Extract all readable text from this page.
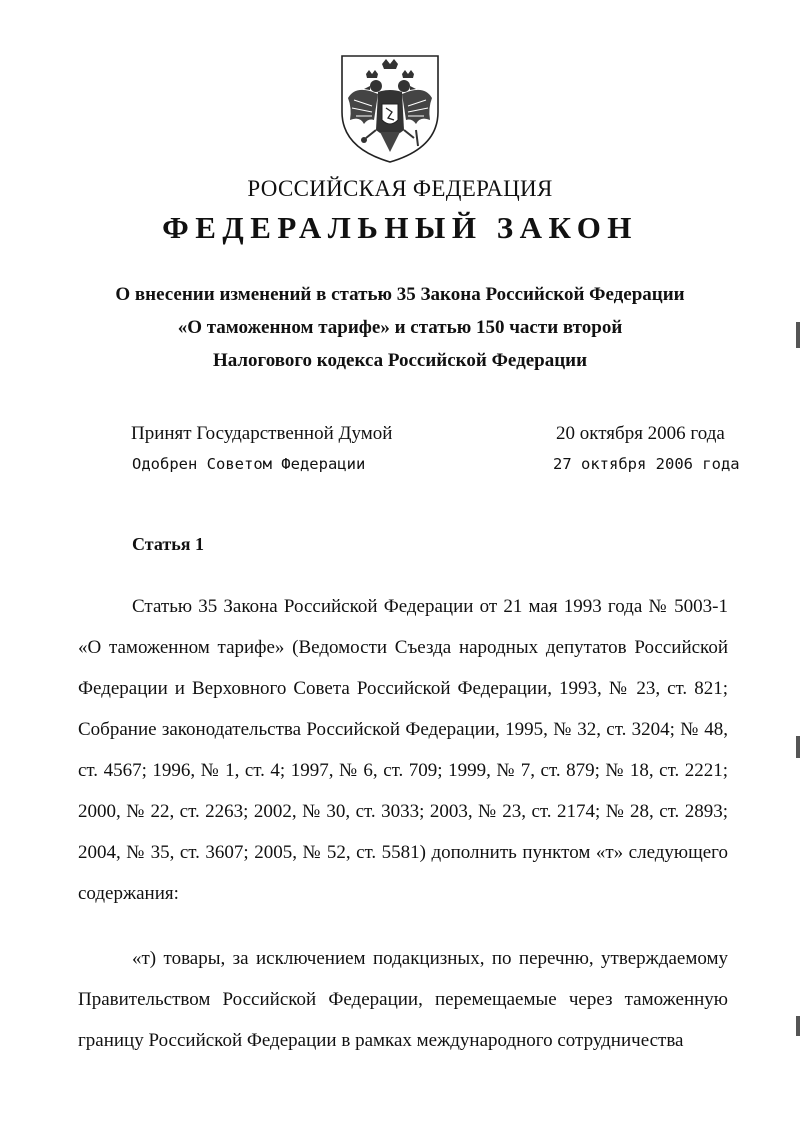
РОССИЙСКАЯ ФЕДЕРАЦИЯ
ФЕДЕРАЛЬНЫЙ ЗАКОН
О внесении изменений в статью 35 Закона Российской Федерации
«О таможенном тарифе» и статью 150 части второй
Налогового кодекса Российской Федерации
Принят Государственной Думой	20 октября 2006 года
Одобрен Советом Федерации	27 октября 2006 года
Статья 1
Статью 35 Закона Российской Федерации от 21 мая 1993 года № 5003-1 «О таможенном тарифе» (Ведомости Съезда народных депутатов Российской Федерации и Верховного Совета Российской Федерации, 1993, № 23, ст. 821; Собрание законодательства Российской Федерации, 1995, № 32, ст. 3204; № 48, ст. 4567; 1996, № 1, ст. 4; 1997, № 6, ст. 709; 1999, № 7, ст. 879; № 18, ст. 2221; 2000, № 22, ст. 2263; 2002, № 30, ст. 3033; 2003, № 23, ст. 2174; № 28, ст. 2893; 2004, № 35, ст. 3607; 2005, № 52, ст. 5581) дополнить пунктом «т» следующего содержания:
«т) товары, за исключением подакцизных, по перечню, утверждаемому Правительством Российской Федерации, перемещаемые через таможенную границу Российской Федерации в рамках международного сотрудничества
